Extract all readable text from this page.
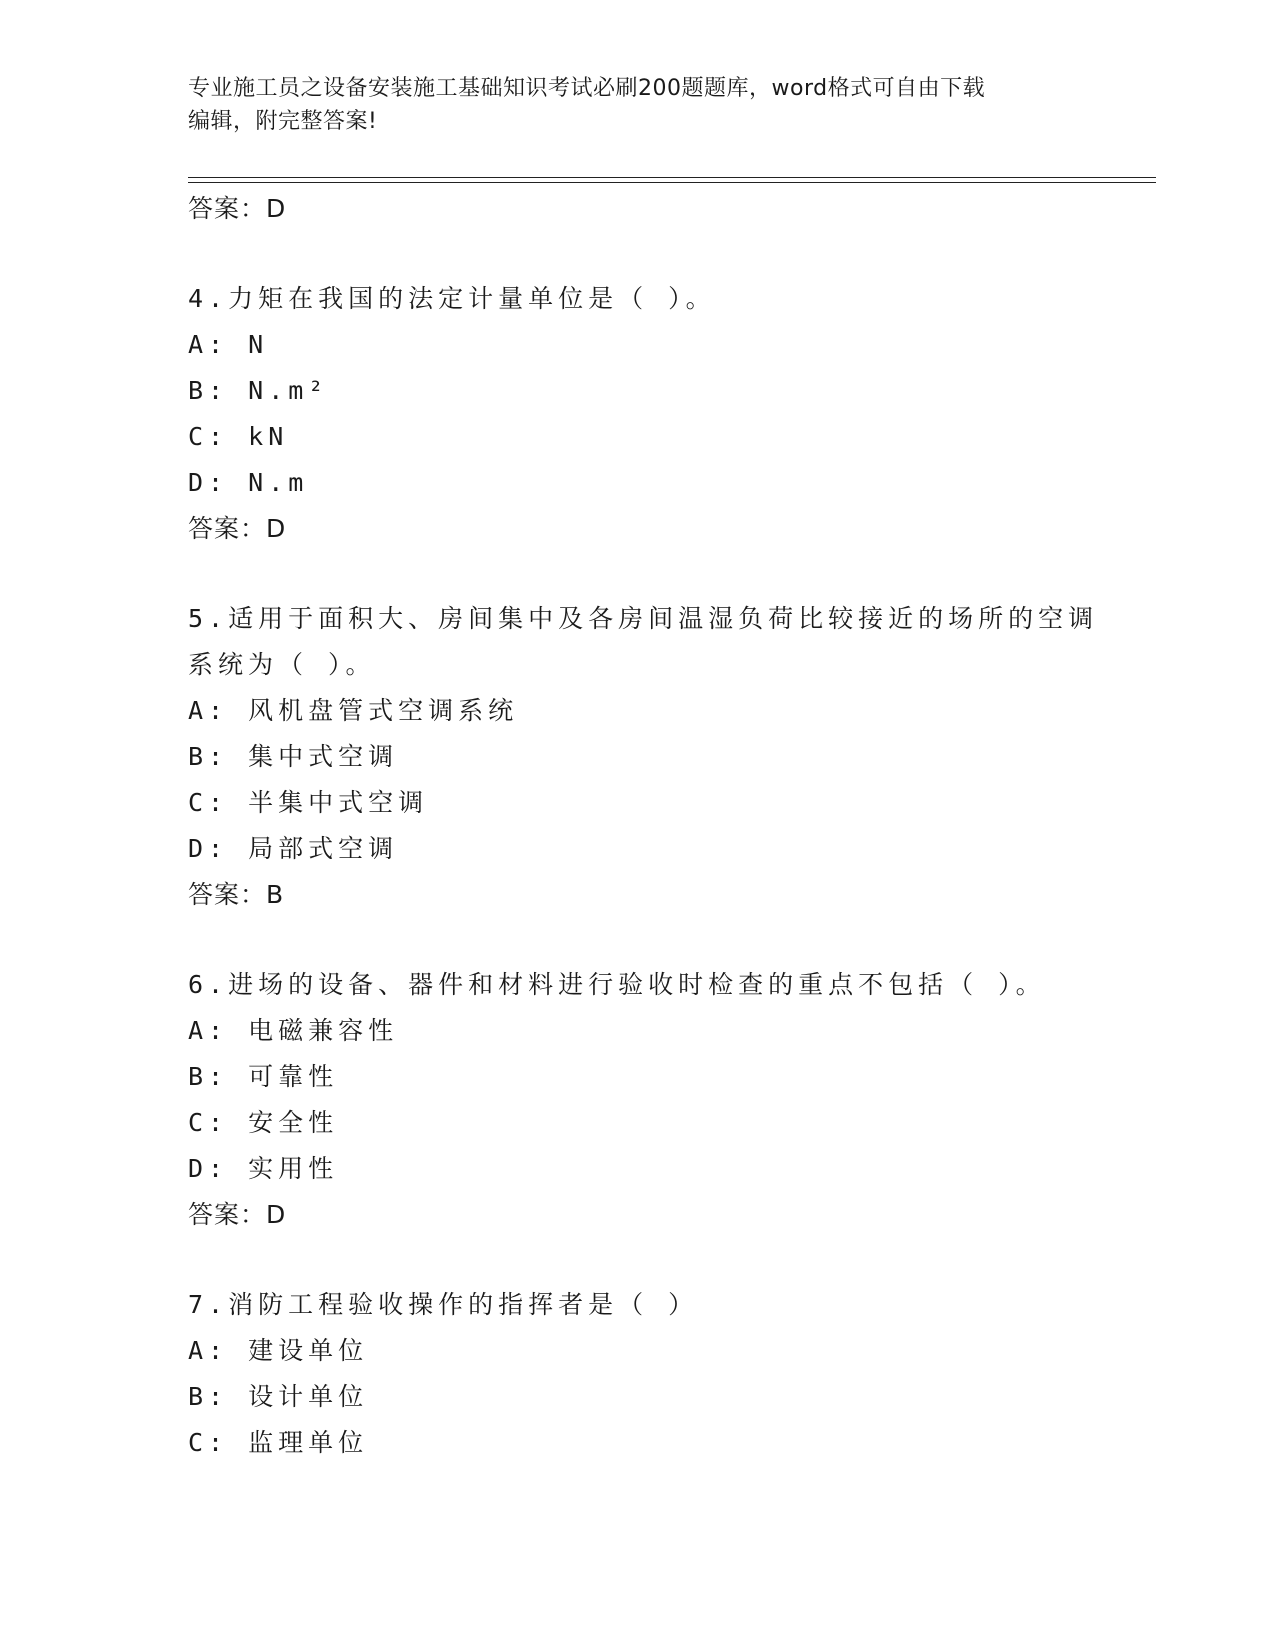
专业施工员之设备安装施工基础知识考试必刷200题题库，word格式可自由下载
编辑，附完整答案!
答案：D
4.力矩在我国的法定计量单位是（ ）。
A: N
B: N.m²
C: kN
D: N.m
答案：D
5.适用于面积大、房间集中及各房间温湿负荷比较接近的场所的空调
系统为（ ）。
A: 风机盘管式空调系统
B: 集中式空调
C: 半集中式空调
D: 局部式空调
答案：B
6.进场的设备、器件和材料进行验收时检查的重点不包括（ ）。
A: 电磁兼容性
B: 可靠性
C: 安全性
D: 实用性
答案：D
7.消防工程验收操作的指挥者是（ ）
A: 建设单位
B: 设计单位
C: 监理单位
